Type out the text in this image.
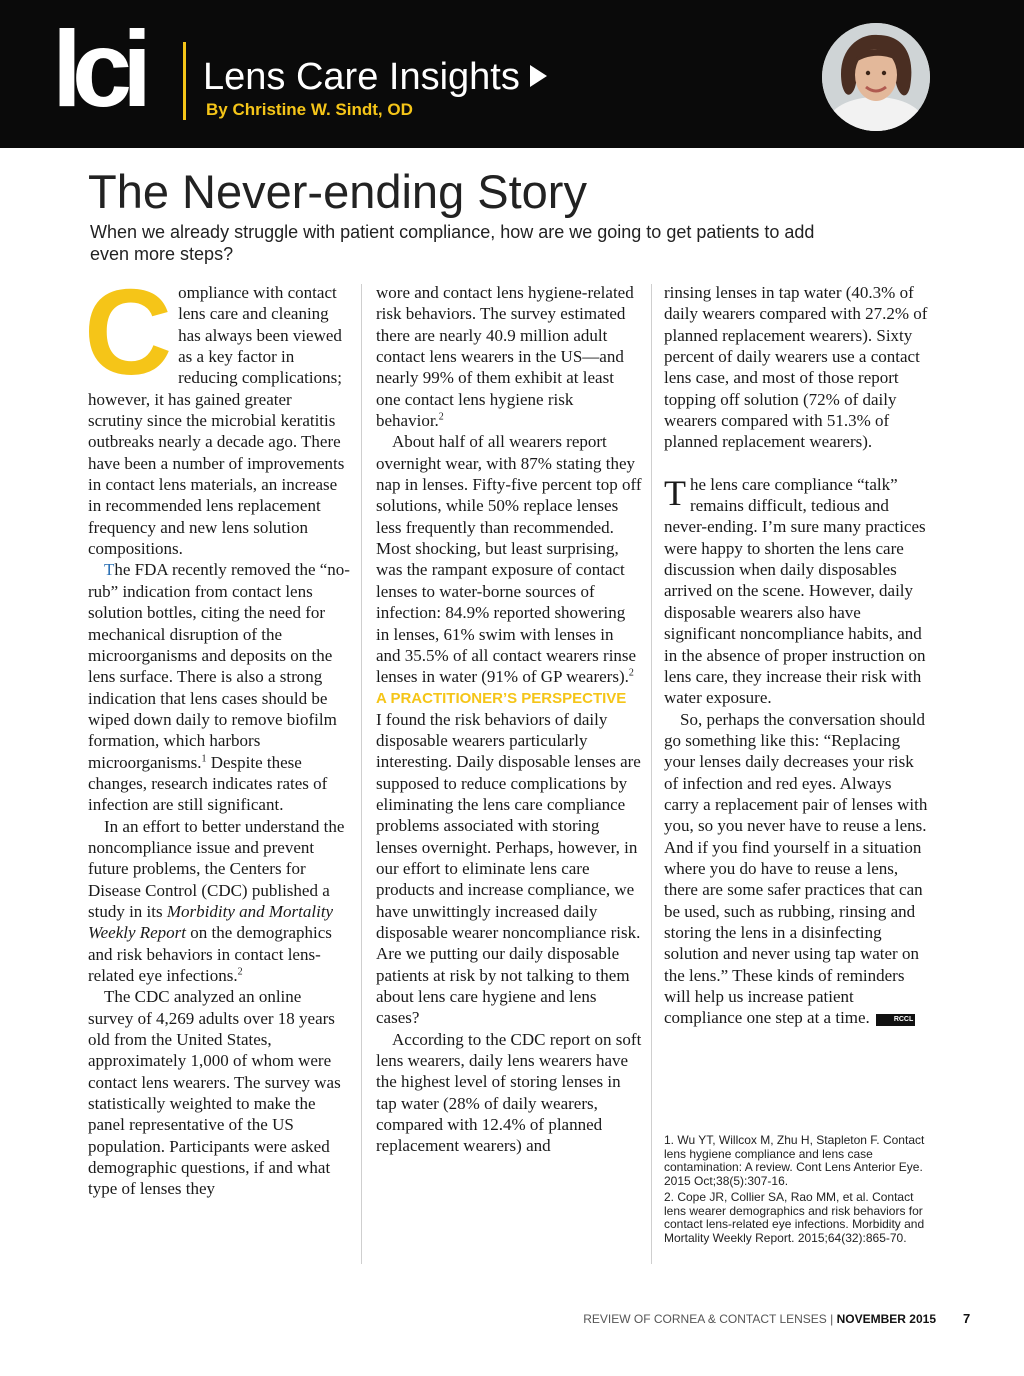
lci Lens Care Insights
By Christine W. Sindt, OD
The Never-ending Story
When we already struggle with patient compliance, how are we going to get patients to add even more steps?

Compliance with contact lens care and cleaning has always been viewed as a key factor in reducing complications; however, it has gained greater scrutiny since the microbial keratitis outbreaks nearly a decade ago. There have been a number of improvements in contact lens materials, an increase in recommended lens replacement frequency and new lens solution compositions.

The FDA recently removed the “no-rub” indication from contact lens solution bottles, citing the need for mechanical disruption of the microorganisms and deposits on the lens surface. There is also a strong indication that lens cases should be wiped down daily to remove biofilm formation, which harbors microorganisms.$^1$ Despite these changes, research indicates rates of infection are still significant.

In an effort to better understand the noncompliance issue and prevent future problems, the Centers for Disease Control (CDC) published a study in its Morbidity and Mortality Weekly Report on the demographics and risk behaviors in contact lens-related eye infections.$^2$

The CDC analyzed an online survey of 4,269 adults over 18 years old from the United States, approximately 1,000 of whom were contact lens wearers. The survey was statistically weighted to make the panel representative of the US population. Participants were asked demographic questions, if and what type of lenses they

wore and contact lens hygiene-related risk behaviors. The survey estimated there are nearly 40.9 million adult contact lens wearers in the US—and nearly 99% of them exhibit at least one contact lens hygiene risk behavior.$^2$

About half of all wearers report overnight wear, with 87% stating they nap in lenses. Fifty-five percent top off solutions, while 50% replace lenses less frequently than recommended. Most shocking, but least surprising, was the rampant exposure of contact lenses to water-borne sources of infection: 84.9% reported showering in lenses, 61% swim with lenses in and 35.5% of all contact wearers rinse lenses in water (91% of GP wearers).$^2$

A PRACTITIONER’S PERSPECTIVE

I found the risk behaviors of daily disposable wearers particularly interesting. Daily disposable lenses are supposed to reduce complications by eliminating the lens care compliance problems associated with storing lenses overnight. Perhaps, however, in our effort to eliminate lens care products and increase compliance, we have unwittingly increased daily disposable wearer noncompliance risk. Are we putting our daily disposable patients at risk by not talking to them about lens care hygiene and lens cases?

According to the CDC report on soft lens wearers, daily lens wearers have the highest level of storing lenses in tap water (28% of daily wearers, compared with 12.4% of planned replacement wearers) and

rinsing lenses in tap water (40.3% of daily wearers compared with 27.2% of planned replacement wearers). Sixty percent of daily wearers use a contact lens case, and most of those report topping off solution (72% of daily wearers compared with 51.3% of planned replacement wearers).

The lens care compliance “talk” remains difficult, tedious and never-ending. I’m sure many practices were happy to shorten the lens care discussion when daily disposables arrived on the scene. However, daily disposable wearers also have significant noncompliance habits, and in the absence of proper instruction on lens care, they increase their risk with water exposure.

So, perhaps the conversation should go something like this: “Replacing your lenses daily decreases your risk of infection and red eyes. Always carry a replacement pair of lenses with you, so you never have to reuse a lens. And if you find yourself in a situation where you do have to reuse a lens, there are some safer practices that can be used, such as rubbing, rinsing and storing the lens in a disinfecting solution and never using tap water on the lens.” These kinds of reminders will help us increase patient compliance one step at a time.	RCCL

1. Wu YT, Willcox M, Zhu H, Stapleton F. Contact lens hygiene compliance and lens case contamination: A review. Cont Lens Anterior Eye. 2015 Oct;38(5):307-16.

2. Cope JR, Collier SA, Rao MM, et al. Contact lens wearer demographics and risk behaviors for contact lens-related eye infections. Morbidity and Mortality Weekly Report. 2015;64(32):865-70.

REVIEW OF CORNEA & CONTACT LENSES | NOVEMBER 2015 7
